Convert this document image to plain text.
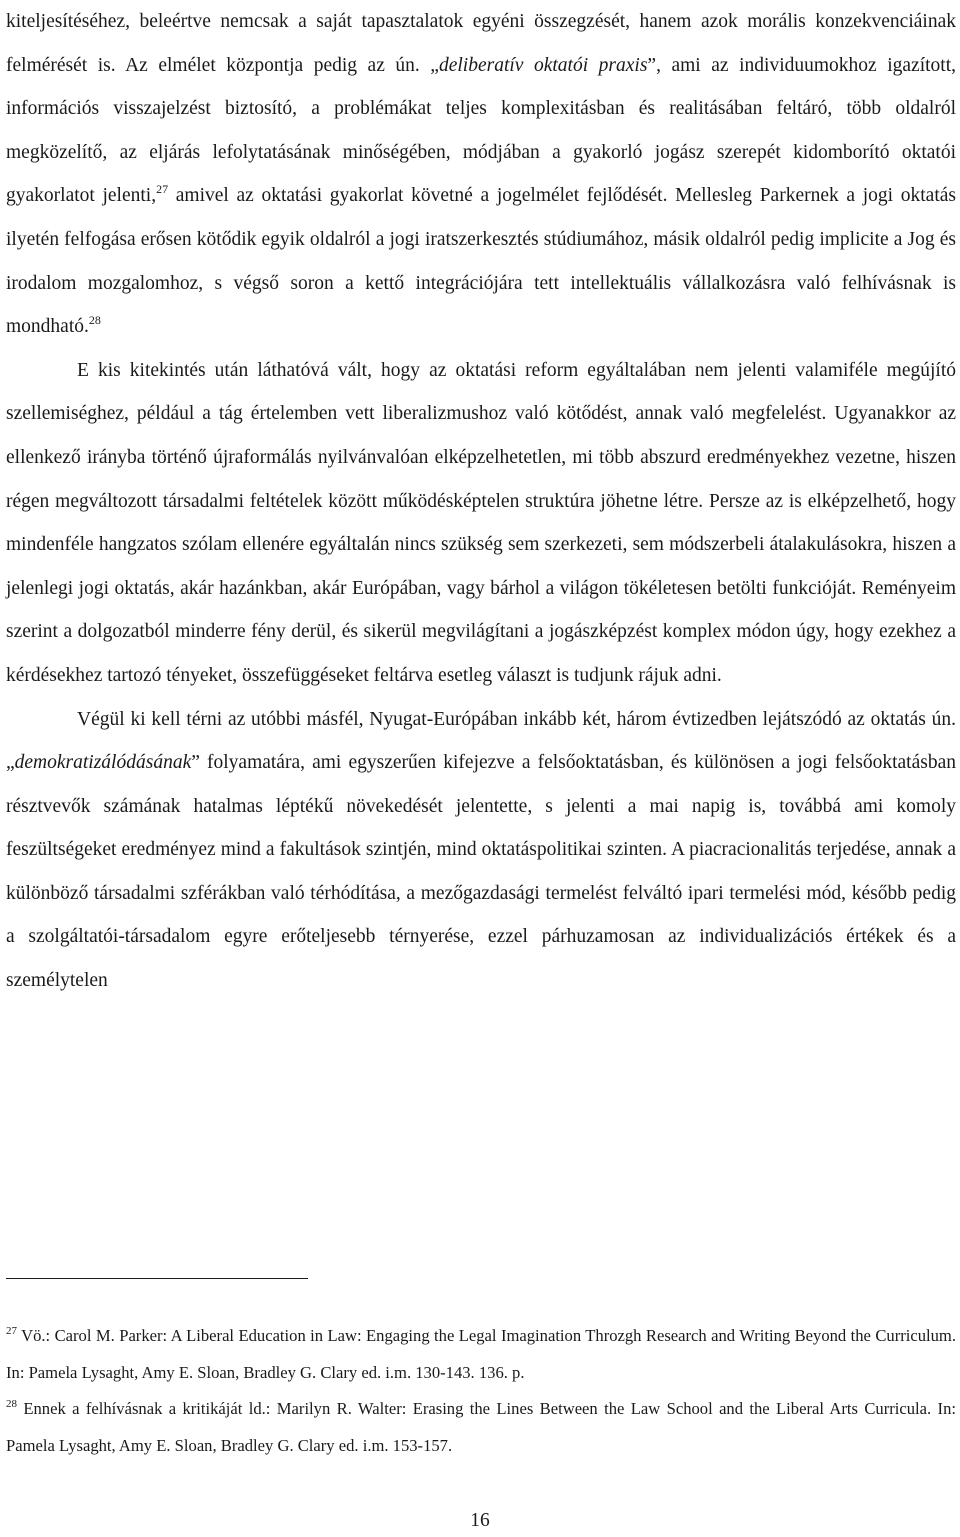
kiteljesítéséhez, beleértve nemcsak a saját tapasztalatok egyéni összegzését, hanem azok morális konzekvenciáinak felmérését is. Az elmélet központja pedig az ún. „deliberatív oktatói praxis”, ami az individuumokhoz igazított, információs visszajelzést biztosító, a problémákat teljes komplexitásban és realitásában feltáró, több oldalról megközelítő, az eljárás lefolytatásának minőségében, módjában a gyakorló jogász szerepét kidomborító oktatói gyakorlatot jelenti,$^{27}$ amivel az oktatási gyakorlat követné a jogelmélet fejlődését. Mellesleg Parkernek a jogi oktatás ilyetén felfogása erősen kötődik egyik oldalról a jogi iratszerkesztés stúdiumához, másik oldalról pedig implicite a Jog és irodalom mozgalomhoz, s végső soron a kettő integrációjára tett intellektuális vállalkozásra való felhívásnak is mondható.$^{28}$

E kis kitekintés után láthatóvá vált, hogy az oktatási reform egyáltalában nem jelenti valamiféle megújító szellemiséghez, például a tág értelemben vett liberalizmushoz való kötődést, annak való megfelelést. Ugyanakkor az ellenkező irányba történő újraformálás nyilvánvalóan elképzelhetetlen, mi több abszurd eredményekhez vezetne, hiszen régen megváltozott társadalmi feltételek között működésképtelen struktúra jöhetne létre. Persze az is elképzelhető, hogy mindenféle hangzatos szólam ellenére egyáltalán nincs szükség sem szerkezeti, sem módszerbeli átalakulásokra, hiszen a jelenlegi jogi oktatás, akár hazánkban, akár Európában, vagy bárhol a világon tökéletesen betölti funkcióját. Reményeim szerint a dolgozatból minderre fény derül, és sikerül megvilágítani a jogászképzést komplex módon úgy, hogy ezekhez a kérdésekhez tartozó tényeket, összefüggéseket feltárva esetleg választ is tudjunk rájuk adni.

Végül ki kell térni az utóbbi másfél, Nyugat-Európában inkább két, három évtizedben lejátszódó az oktatás ún. „demokratizálódásának” folyamatára, ami egyszerűen kifejezve a felsőoktatásban, és különösen a jogi felsőoktatásban résztvevők számának hatalmas léptékű növekedését jelentette, s jelenti a mai napig is, továbbá ami komoly feszültségeket eredményez mind a fakultások szintjén, mind oktatáspolitikai szinten. A piacracionalitás terjedése, annak a különböző társadalmi szférákban való térhódítása, a mezőgazdasági termelést felváltó ipari termelési mód, később pedig a szolgáltatói-társadalom egyre erőteljesebb térnyerése, ezzel párhuzamosan az individualizációs értékek és a személytelen

$^{27}$ Vö.: Carol M. Parker: A Liberal Education in Law: Engaging the Legal Imagination Throzgh Research and Writing Beyond the Curriculum. In: Pamela Lysaght, Amy E. Sloan, Bradley G. Clary ed. i.m. 130-143. 136. p.

$^{28}$ Ennek a felhívásnak a kritikáját ld.: Marilyn R. Walter: Erasing the Lines Between the Law School and the Liberal Arts Curricula. In: Pamela Lysaght, Amy E. Sloan, Bradley G. Clary ed. i.m. 153-157.

16
